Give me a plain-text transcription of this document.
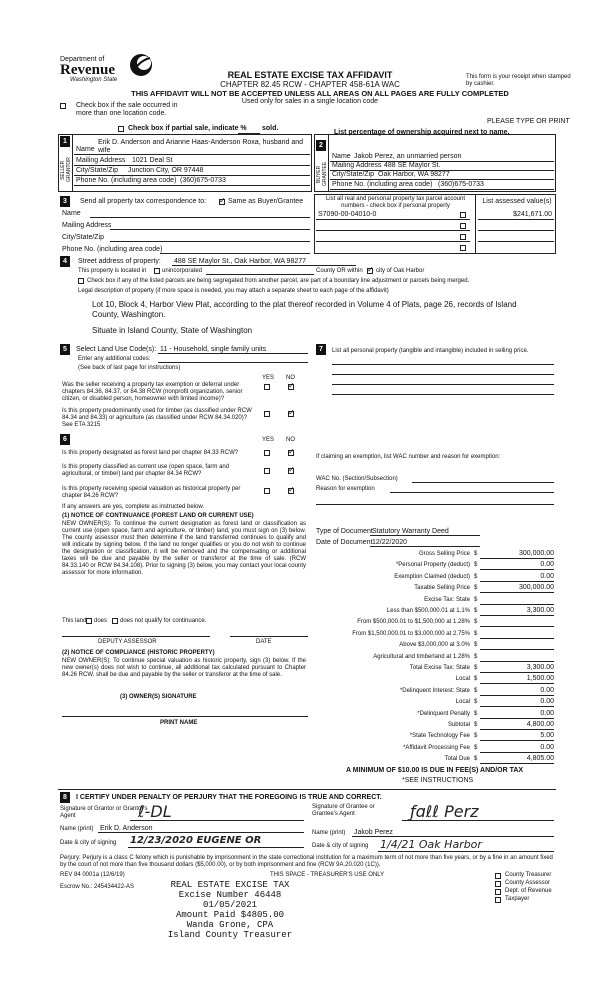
Department of
Revenue
Washington State	REAL ESTATE EXCISE TAX AFFIDAVIT
CHAPTER 82.45 RCW - CHAPTER 458-61A WAC
THIS AFFIDAVIT WILL NOT BE ACCEPTED UNLESS ALL AREAS ON ALL PAGES ARE FULLY COMPLETED
Used only for sales in a single location code
This form is your receipt when stamped by cashier.
PLEASE TYPE OR PRINT
Check box if the sale occurred in more than one location code.
Check box if partial sale, indicate % sold.
List percentage of ownership acquired next to name.
1
SELLER GRANTOR
Erik D. Anderson and Arianne Haas-Anderson Roxa, husband and wife
Name
Mailing Address 1021 Deal St
City/State/Zip Junction City, OR 97448
Phone No. (including area code) (360)675-0733
2
BUYER GRANTEE
Name Jakob Perez, an unmarried person
Mailing Address 488 SE Maylor St.
City/State/Zip Oak Harbor, WA 98277
Phone No. (including area code) (360)675-0733
3	Send all property tax correspondence to: ✓	Same as Buyer/Grantee
Name
Mailing Address
City/State/Zip
Phone No. (including area code)
List all real and personal property tax parcel account numbers - check box if personal property
List assessed value(s)
S7090-00-04010-0	$241,671.00
4	Street address of property: 488 SE Maylor St., Oak Harbor, WA 98277
This property is located in	unincorporated	County OR within ✓ city of Oak Harbor
Check box if any of the listed parcels are being segregated from another parcel, are part of a boundary line adjustment or parcels being merged.
Legal description of property (if more space is needed, you may attach a separate sheet to each page of the affidavit)
Lot 10, Block 4, Harbor View Plat, according to the plat thereof recorded in Volume 4 of Plats, page 26, records of Island County, Washington.
Situate in Island County, State of Washington
5	Select Land Use Code(s): 11 - Household, single family units
Enter any additional codes:
(See back of last page for instructions)
YES NO
Was the seller receiving a property tax exemption or deferral under chapters 84.36, 84.37, or 84.38 RCW (nonprofit organization, senior citizen, or disabled person, homeowner with limited income)?
✓
Is this property predominantly used for timber (as classified under RCW 84.34 and 84.33) or agriculture (as classified under RCW 84.34.020)? See ETA 3215
✓
6	YES NO
Is this property designated as forest land per chapter 84.33 RCW?
✓
Is this property classified as current use (open space, farm and agricultural, or timber) land per chapter 84.34 RCW?
✓
Is this property receiving special valuation as historical property per chapter 84.26 RCW?
✓
If any answers are yes, complete as instructed below.
(1) NOTICE OF CONTINUANCE (FOREST LAND OR CURRENT USE)
NEW OWNER(S): To continue the current designation as forest land or classification as current use (open space, farm and agriculture, or timber) land, you must sign on (3) below. The county assessor must then determine if the land transferred continues to qualify and will indicate by signing below. If the land no longer qualifies or you do not wish to continue the designation or classification, it will be removed and the compensating or additional taxes will be due and payable by the seller or transferor at the time of sale. (RCW 84.33.140 or RCW 84.34.108). Prior to signing (3) below, you may contact your local county assessor for more information.
This land does does not qualify for continuance.
DEPUTY ASSESSOR	DATE
(2) NOTICE OF COMPLIANCE (HISTORIC PROPERTY)
NEW OWNER(S): To continue special valuation as historic property, sign (3) below. If the new owner(s) does not wish to continue, all additional tax calculated pursuant to Chapter 84.26 RCW, shall be due and payable by the seller or transferor at the time of sale.
(3) OWNER(S) SIGNATURE
PRINT NAME
7	List all personal property (tangible and intangible) included in selling price.
If claiming an exemption, list WAC number and reason for exemption:
WAC No. (Section/Subsection)
Reason for exemption
Type of Document Statutory Warranty Deed
Date of Document 12/22/2020
Gross Selling Price $	300,000.00
*Personal Property (deduct) $	0.00
Exemption Claimed (deduct) $	0.00
Taxable Selling Price $	300,000.00
Excise Tax: State $
Less than $500,000.01 at 1.1% $	3,300.00
From $500,000.01 to $1,500,000 at 1.28% $
From $1,500,000.01 to $3,000,000 at 2.75% $
Above $3,000,000 at 3.0% $
Agricultural and timberland at 1.28% $
Total Excise Tax: State $	3,300.00
Local $	1,500.00
*Delinquent Interest: State $	0.00
Local $	0.00
*Delinquent Penalty $	0.00
Subtotal $	4,800.00
*State Technology Fee $	5.00
*Affidavit Processing Fee $	0.00
Total Due $	4,805.00
A MINIMUM OF $10.00 IS DUE IN FEE(S) AND/OR TAX
*SEE INSTRUCTIONS
8	I CERTIFY UNDER PENALTY OF PERJURY THAT THE FOREGOING IS TRUE AND CORRECT.
Signature of Grantor or Grantor's Agent	ℓ-DL
Name (print) Erik D. Anderson
Date & city of signing 12/23/2020 EUGENE OR
Signature of Grantee or Grantee's Agent	ƒɑℓℓ Perz
Name (print) Jakob Perez
Date & city of signing 1/4/21 Oak Harbor
Perjury: Perjury is a class C felony which is punishable by imprisonment in the state correctional institution for a maximum term of not more than five years, or by a fine in an amount fixed by the court of not more than five thousand dollars ($5,000.00), or by both imprisonment and fine (RCW 9A.20.020 (1C)).
REV 84 0001a (12/6/19)	THIS SPACE - TREASURER'S USE ONLY
Escrow No.: 245434422-AS	REAL ESTATE EXCISE TAX
Excise Number 46448
01/05/2021
Amount Paid $4805.00
Wanda Grone, CPA
Island County Treasurer
County Treasurer
County Assessor
Dept. of Revenue
Taxpayer
